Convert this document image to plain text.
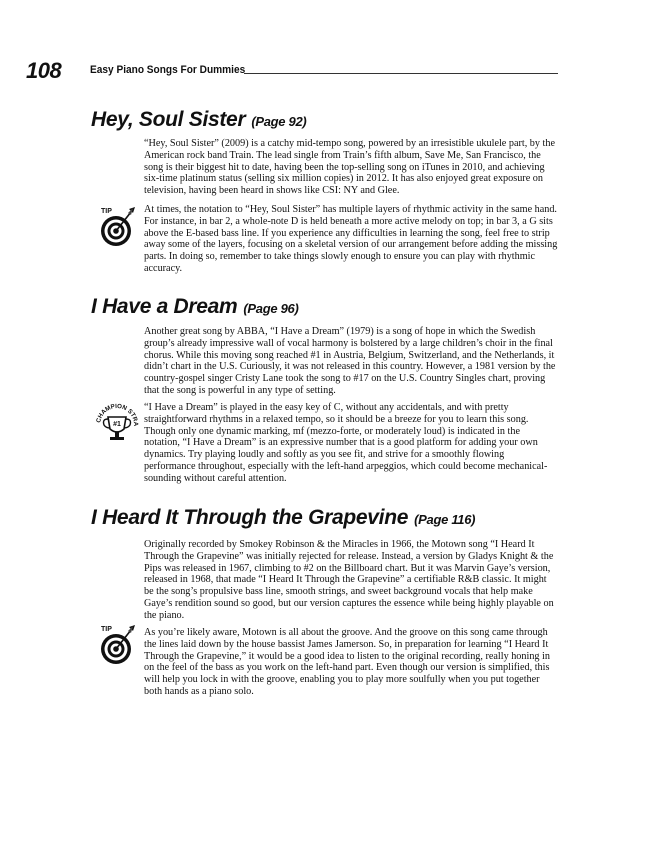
108	Easy Piano Songs For Dummies
Hey, Soul Sister (Page 92)

“Hey, Soul Sister” (2009) is a catchy mid-tempo song, powered by an irresistible ukulele part, by the American rock band Train. The lead single from Train’s fifth album, Save Me, San Francisco, the song is their biggest hit to date, having been the top-selling song on iTunes in 2010, and achieving six-time platinum status (selling six million copies) in 2012. It has also enjoyed great exposure on television, having been heard in shows like CSI: NY and Glee.

TIP	At times, the notation to “Hey, Soul Sister” has multiple layers of rhythmic activity in the same hand. For instance, in bar 2, a whole-note D is held beneath a more active melody on top; in bar 3, a G sits above the E-based bass line. If you experience any difficulties in learning the song, feel free to strip away some of the layers, focusing on a skeletal version of our arrangement before adding the missing parts. In doing so, remember to take things slowly enough to ensure you can play with rhythmic accuracy.

I Have a Dream (Page 96)

Another great song by ABBA, “I Have a Dream” (1979) is a song of hope in which the Swedish group’s already impressive wall of vocal harmony is bolstered by a large children’s choir in the final chorus. While this moving song reached #1 in Austria, Belgium, Switzerland, and the Netherlands, it didn’t chart in the U.S. Curiously, it was not released in this country. However, a 1981 version by the country-gospel singer Cristy Lane took the song to #17 on the U.S. Country Singles chart, proving that the song is powerful in any type of setting.

CHAMPION STRA
#1

“I Have a Dream” is played in the easy key of C, without any accidentals, and with pretty straightforward rhythms in a relaxed tempo, so it should be a breeze for you to learn this song. Though only one dynamic marking, mf (mezzo-forte, or moderately loud) is indicated in the notation, “I Have a Dream” is an expressive number that is a good platform for adding your own dynamics. Try playing loudly and softly as you see fit, and strive for a smoothly flowing performance throughout, especially with the left-hand arpeggios, which could become mechanical-sounding without careful attention.

I Heard It Through the Grapevine (Page 116)

Originally recorded by Smokey Robinson & the Miracles in 1966, the Motown song “I Heard It Through the Grapevine” was initially rejected for release. Instead, a version by Gladys Knight & the Pips was released in 1967, climbing to #2 on the Billboard chart. But it was Marvin Gaye’s version, released in 1968, that made “I Heard It Through the Grapevine” a certifiable R&B classic. It might be the song’s propulsive bass line, smooth strings, and sweet background vocals that help make Gaye’s rendition sound so good, but our version captures the essence while being highly playable on the piano.

TIP	As you’re likely aware, Motown is all about the groove. And the groove on this song came through the lines laid down by the house bassist James Jamerson. So, in preparation for learning “I Heard It Through the Grapevine,” it would be a good idea to listen to the original recording, really honing in on the feel of the bass as you work on the left-hand part. Even though our version is simplified, this will help you lock in with the groove, enabling you to play more soulfully when you put together both hands as a piano solo.
